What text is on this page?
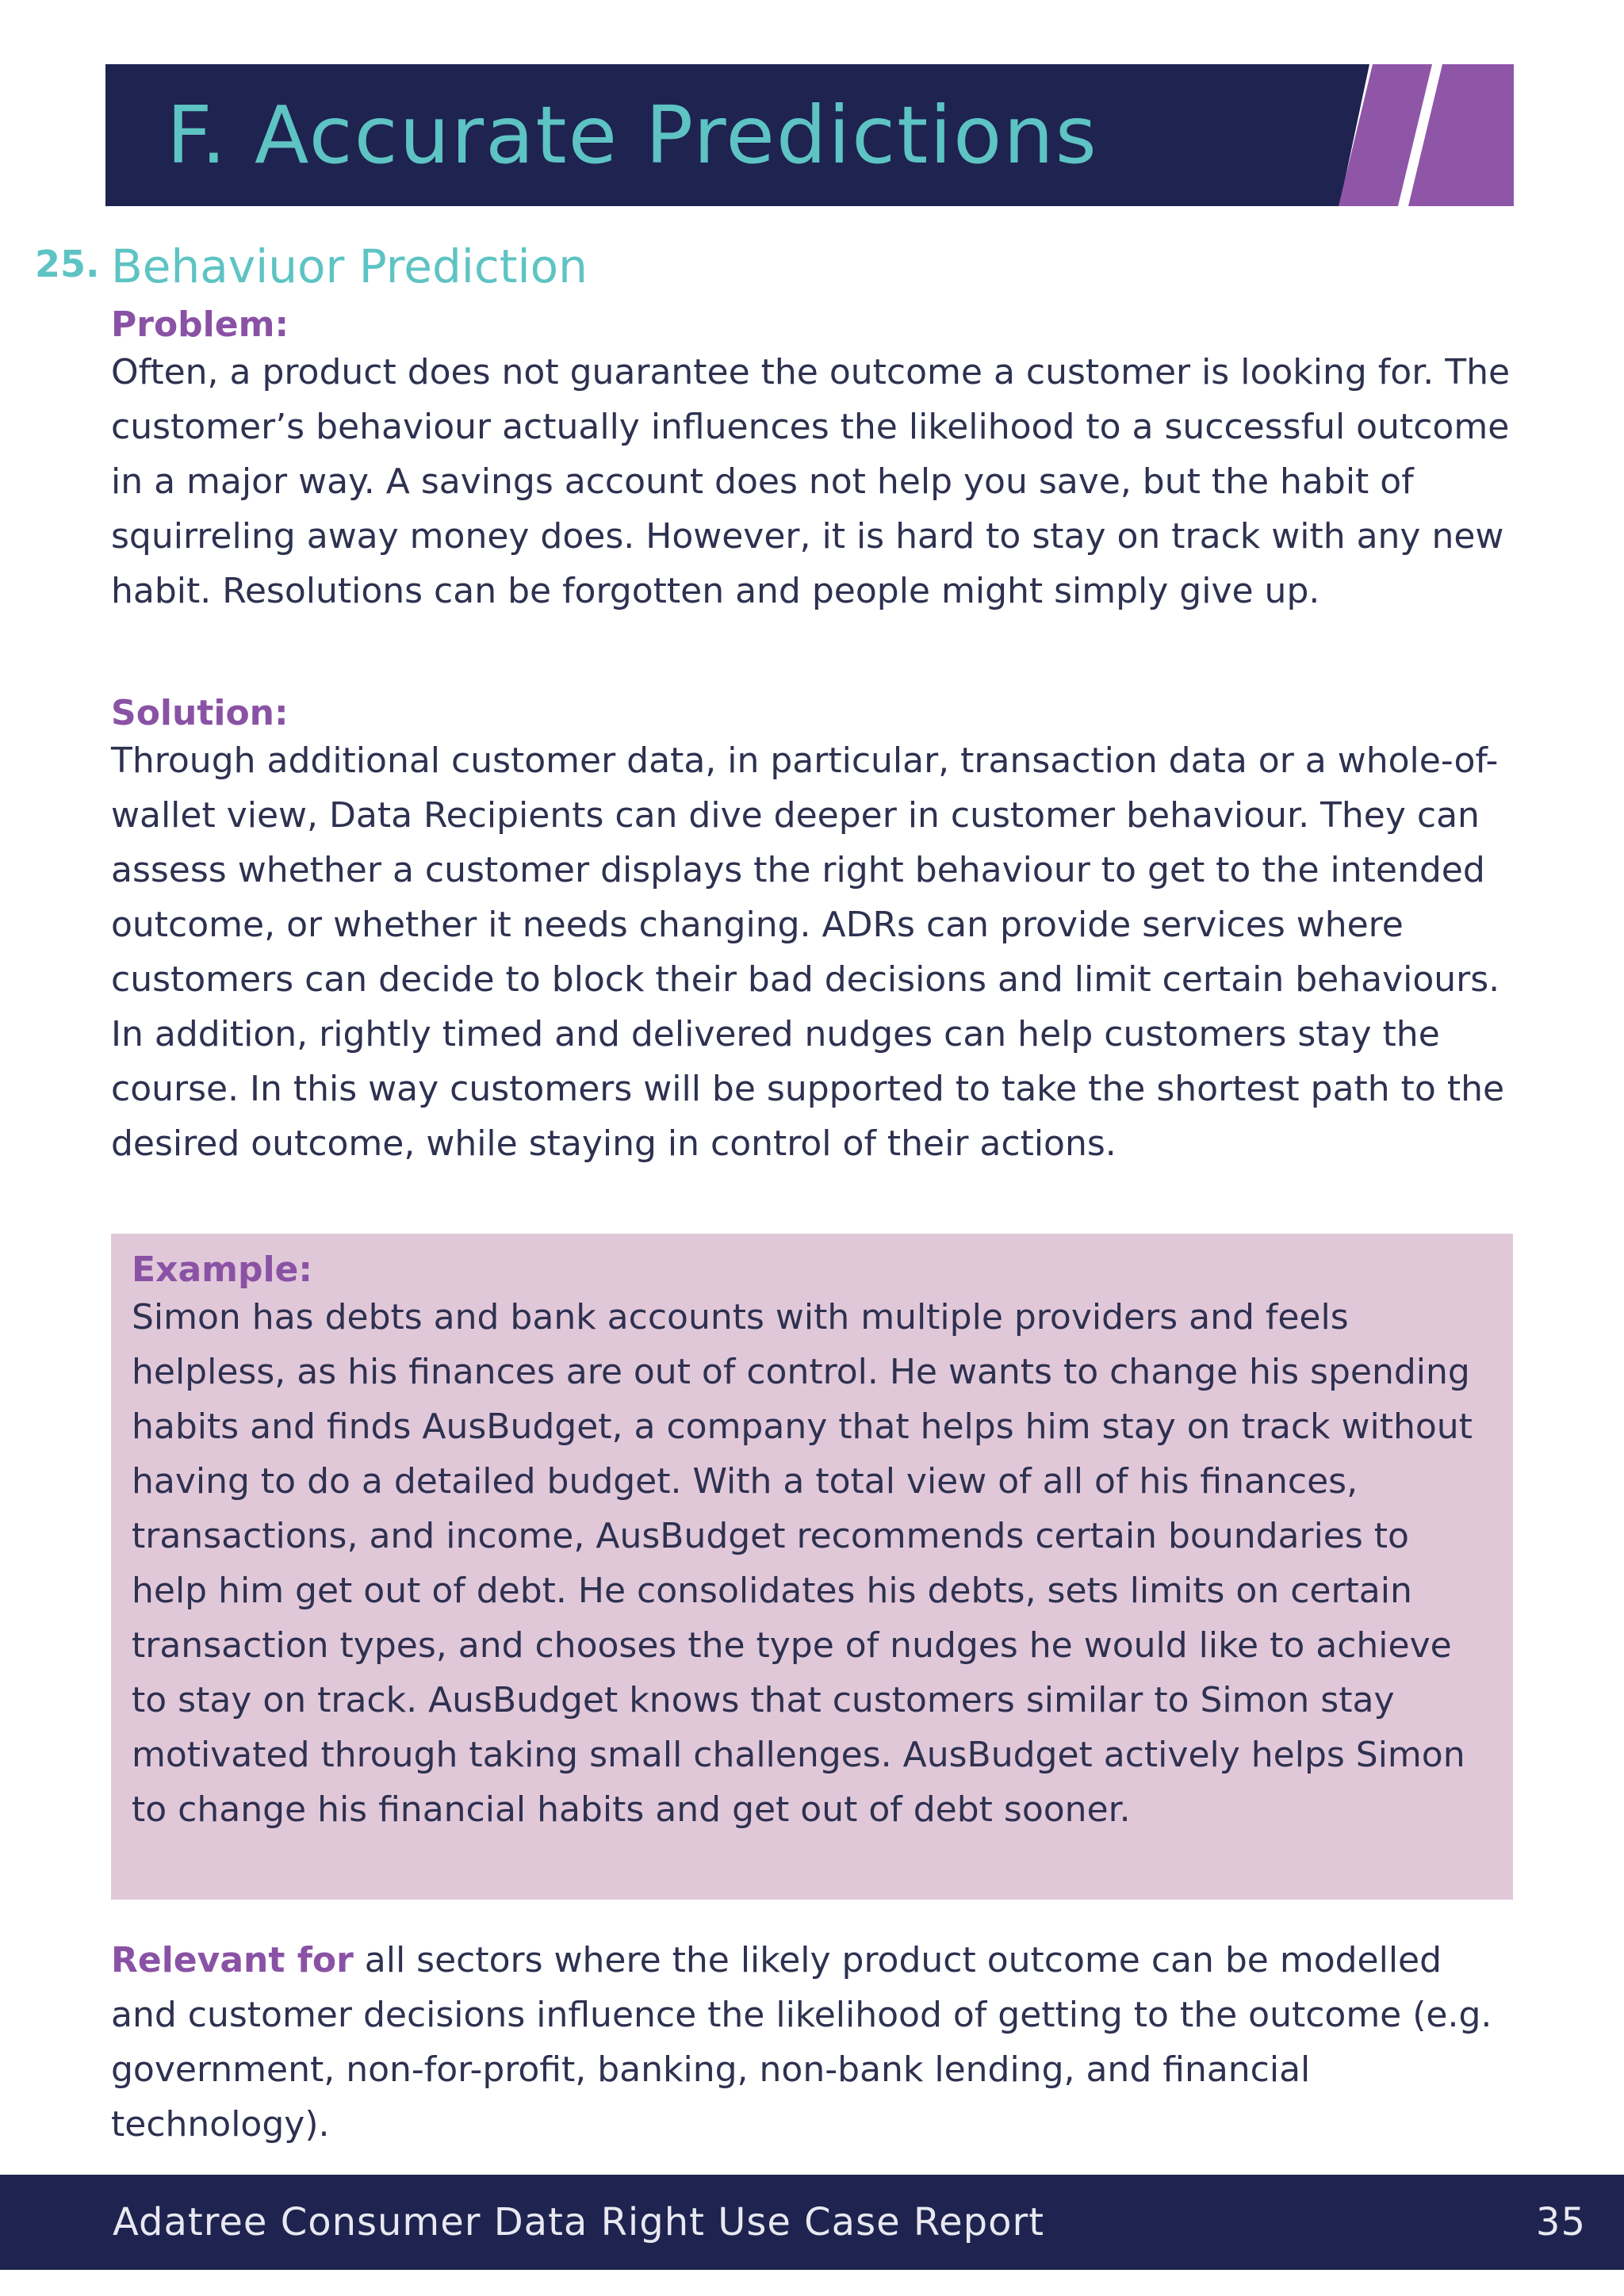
F. Accurate Predictions
25. Behaviuor Prediction

Problem:

Often, a product does not guarantee the outcome a customer is looking for. The customer’s behaviour actually influences the likelihood to a successful outcome in a major way. A savings account does not help you save, but the habit of squirreling away money does. However, it is hard to stay on track with any new habit. Resolutions can be forgotten and people might simply give up.

Solution:

Through additional customer data, in particular, transaction data or a whole-of-wallet view, Data Recipients can dive deeper in customer behaviour. They can assess whether a customer displays the right behaviour to get to the intended outcome, or whether it needs changing. ADRs can provide services where customers can decide to block their bad decisions and limit certain behaviours. In addition, rightly timed and delivered nudges can help customers stay the course. In this way customers will be supported to take the shortest path to the desired outcome, while staying in control of their actions.

Example:

Simon has debts and bank accounts with multiple providers and feels helpless, as his finances are out of control. He wants to change his spending habits and finds AusBudget, a company that helps him stay on track without having to do a detailed budget. With a total view of all of his finances, transactions, and income, AusBudget recommends certain boundaries to help him get out of debt. He consolidates his debts, sets limits on certain transaction types, and chooses the type of nudges he would like to achieve to stay on track. AusBudget knows that customers similar to Simon stay motivated through taking small challenges. AusBudget actively helps Simon to change his financial habits and get out of debt sooner.

Relevant for all sectors where the likely product outcome can be modelled and customer decisions influence the likelihood of getting to the outcome (e.g. government, non-for-profit, banking, non-bank lending, and financial technology).

Adatree Consumer Data Right Use Case Report	35
